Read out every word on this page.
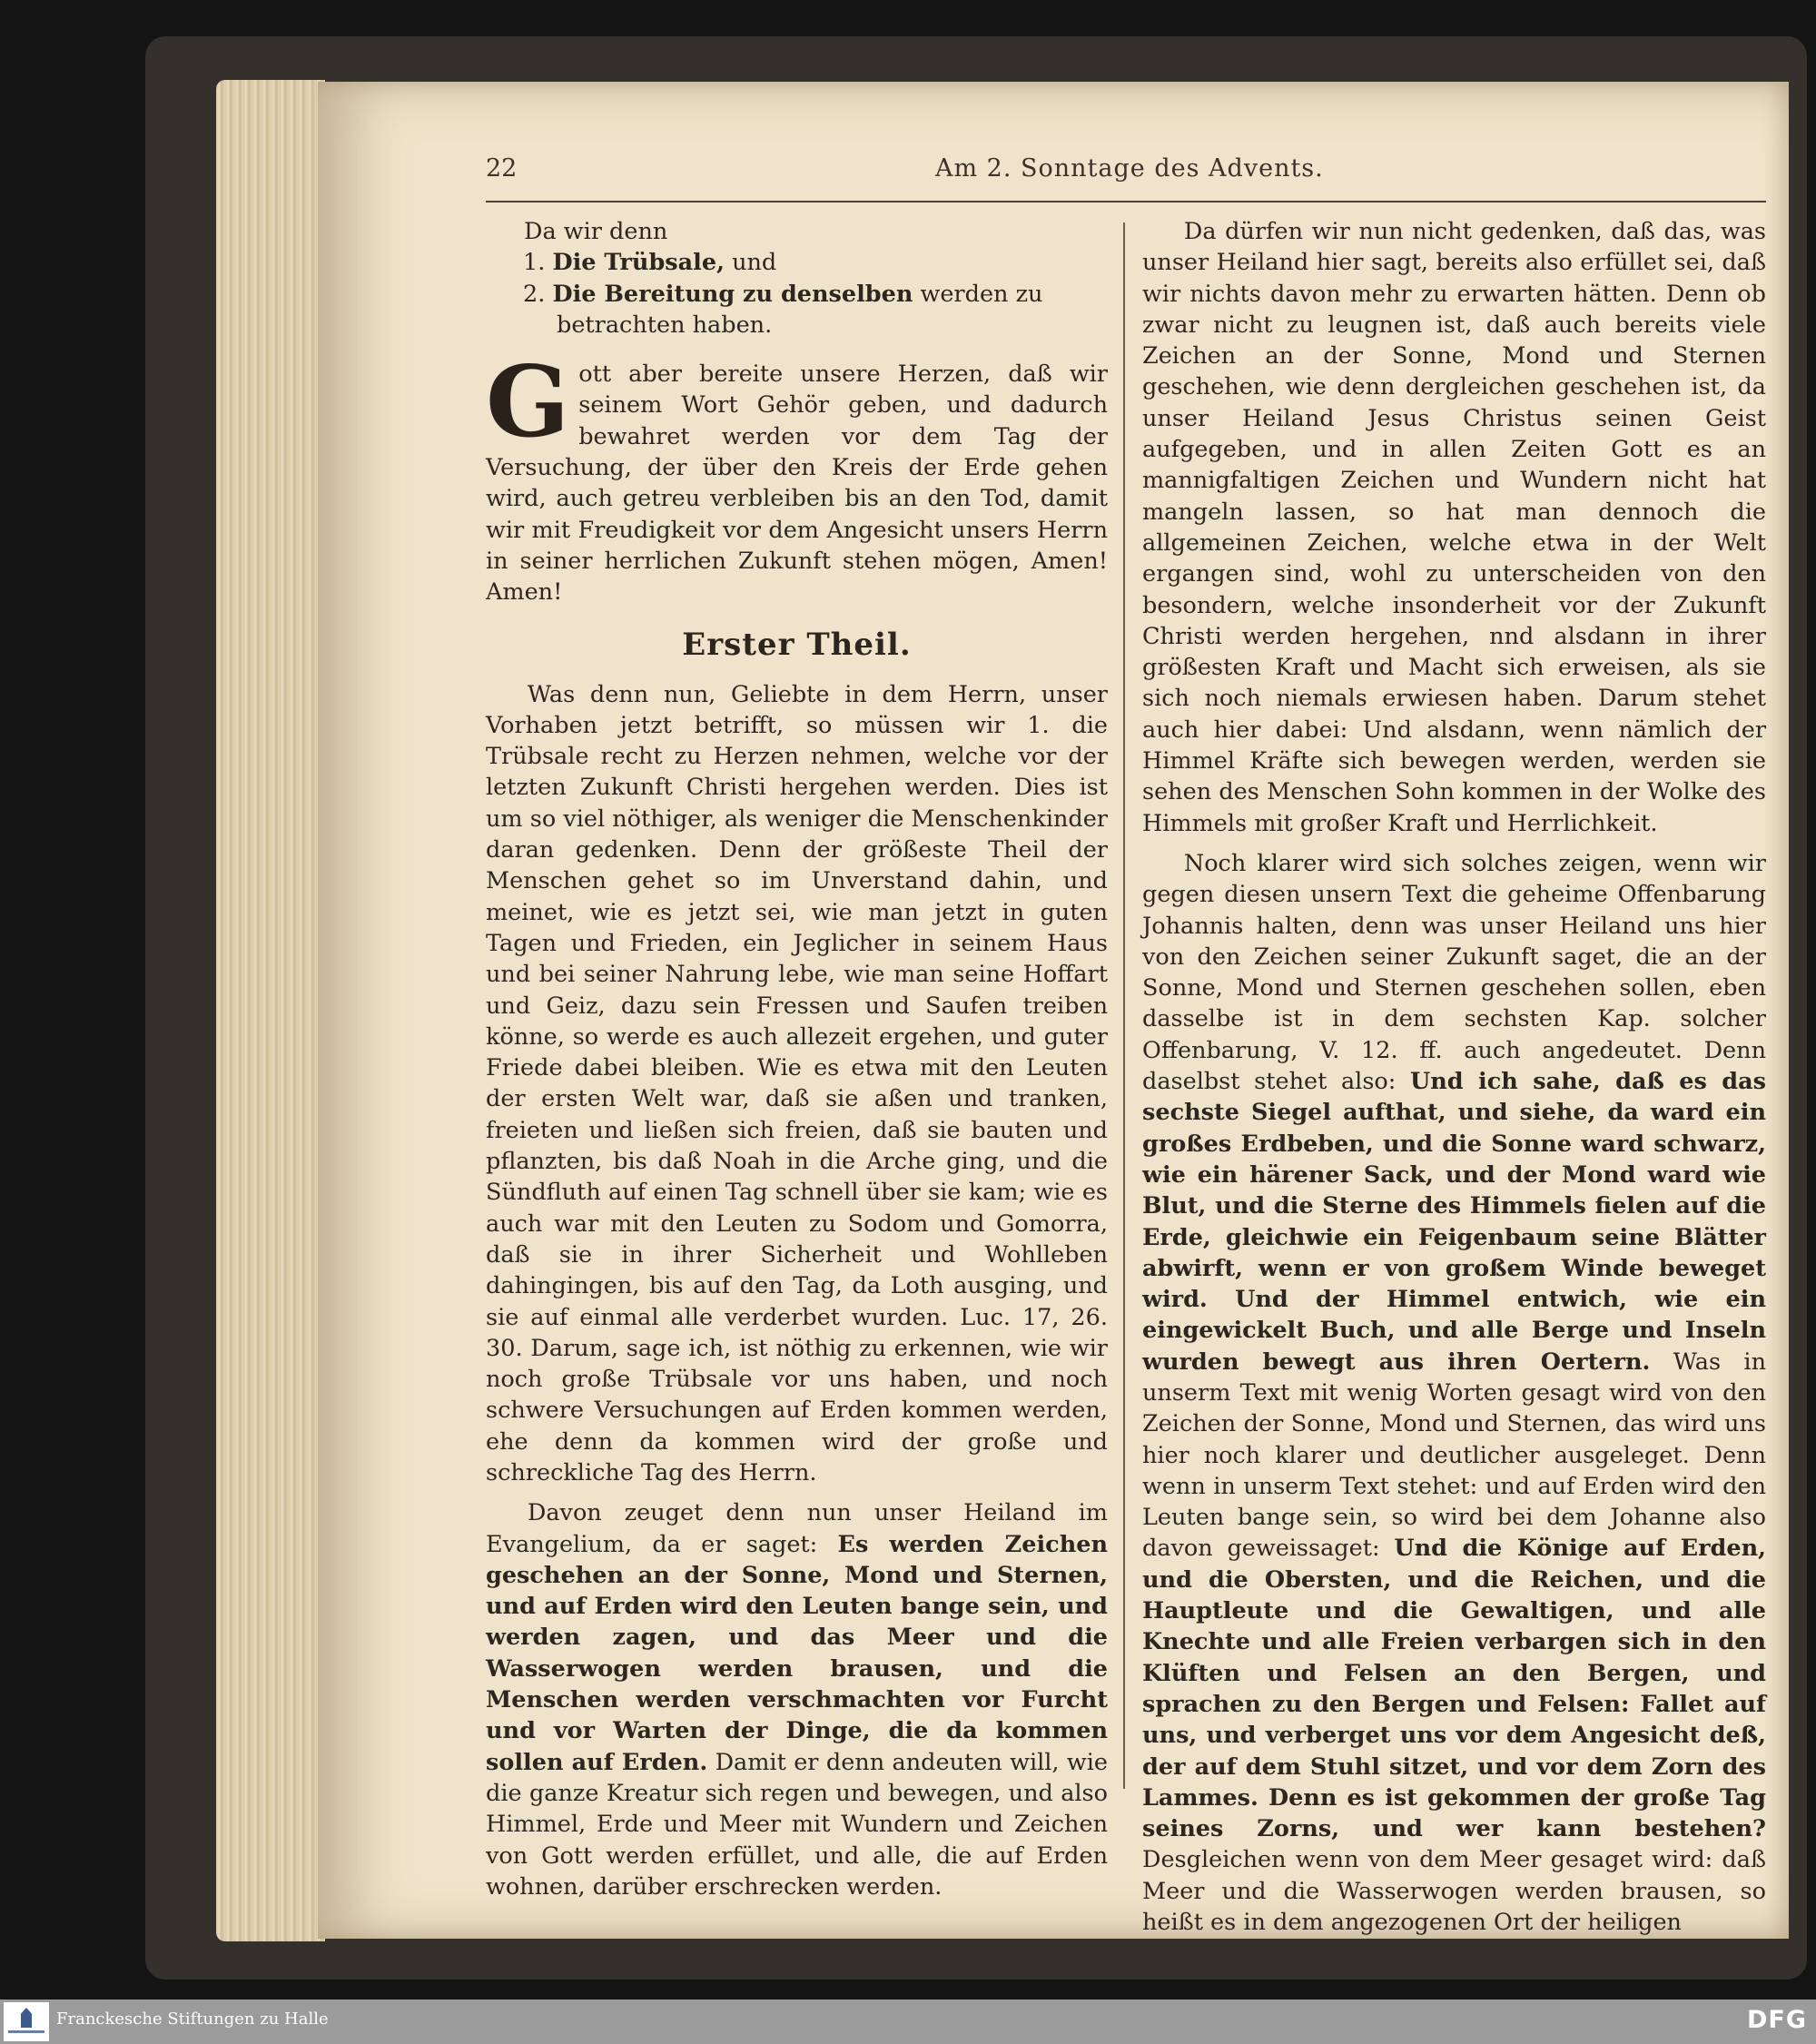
22	Am 2. Sonntage des Advents.

Da wir denn

1. Die Trübsale, und
2. Die Bereitung zu denselben werden zu betrachten haben.
Gott aber bereite unsere Herzen, daß wir seinem Wort Gehör geben, und dadurch bewahret werden vor dem Tag der Versuchung, der über den Kreis der Erde gehen wird, auch getreu verbleiben bis an den Tod, damit wir mit Freudigkeit vor dem Angesicht unsers Herrn in seiner herrlichen Zukunft stehen mögen, Amen! Amen!
Erster Theil.

Was denn nun, Geliebte in dem Herrn, unser Vorhaben jetzt betrifft, so müssen wir 1. die Trübsale recht zu Herzen nehmen, welche vor der letzten Zukunft Christi hergehen werden. Dies ist um so viel nöthiger, als weniger die Menschenkinder daran gedenken. Denn der größeste Theil der Menschen gehet so im Unverstand dahin, und meinet, wie es jetzt sei, wie man jetzt in guten Tagen und Frieden, ein Jeglicher in seinem Haus und bei seiner Nahrung lebe, wie man seine Hoffart und Geiz, dazu sein Fressen und Saufen treiben könne, so werde es auch allezeit ergehen, und guter Friede dabei bleiben. Wie es etwa mit den Leuten der ersten Welt war, daß sie aßen und tranken, freieten und ließen sich freien, daß sie bauten und pflanzten, bis daß Noah in die Arche ging, und die Sündfluth auf einen Tag schnell über sie kam; wie es auch war mit den Leuten zu Sodom und Gomorra, daß sie in ihrer Sicherheit und Wohlleben dahingingen, bis auf den Tag, da Loth ausging, und sie auf einmal alle verderbet wurden. Luc. 17, 26. 30. Darum, sage ich, ist nöthig zu erkennen, wie wir noch große Trübsale vor uns haben, und noch schwere Versuchungen auf Erden kommen werden, ehe denn da kommen wird der große und schreckliche Tag des Herrn.

Davon zeuget denn nun unser Heiland im Evangelium, da er saget: Es werden Zeichen geschehen an der Sonne, Mond und Sternen, und auf Erden wird den Leuten bange sein, und werden zagen, und das Meer und die Wasserwogen werden brausen, und die Menschen werden verschmachten vor Furcht und vor Warten der Dinge, die da kommen sollen auf Erden. Damit er denn andeuten will, wie die ganze Kreatur sich regen und bewegen, und also Himmel, Erde und Meer mit Wundern und Zeichen von Gott werden erfüllet, und alle, die auf Erden wohnen, darüber erschrecken werden.

Da dürfen wir nun nicht gedenken, daß das, was unser Heiland hier sagt, bereits also erfüllet sei, daß wir nichts davon mehr zu erwarten hätten. Denn ob zwar nicht zu leugnen ist, daß auch bereits viele Zeichen an der Sonne, Mond und Sternen geschehen, wie denn dergleichen geschehen ist, da unser Heiland Jesus Christus seinen Geist aufgegeben, und in allen Zeiten Gott es an mannigfaltigen Zeichen und Wundern nicht hat mangeln lassen, so hat man dennoch die allgemeinen Zeichen, welche etwa in der Welt ergangen sind, wohl zu unterscheiden von den besondern, welche insonderheit vor der Zukunft Christi werden hergehen, nnd alsdann in ihrer größesten Kraft und Macht sich erweisen, als sie sich noch niemals erwiesen haben. Darum stehet auch hier dabei: Und alsdann, wenn nämlich der Himmel Kräfte sich bewegen werden, werden sie sehen des Menschen Sohn kommen in der Wolke des Himmels mit großer Kraft und Herrlichkeit.

Noch klarer wird sich solches zeigen, wenn wir gegen diesen unsern Text die geheime Offenbarung Johannis halten, denn was unser Heiland uns hier von den Zeichen seiner Zukunft saget, die an der Sonne, Mond und Sternen geschehen sollen, eben dasselbe ist in dem sechsten Kap. solcher Offenbarung, V. 12. ff. auch angedeutet. Denn daselbst stehet also: Und ich sahe, daß es das sechste Siegel aufthat, und siehe, da ward ein großes Erdbeben, und die Sonne ward schwarz, wie ein härener Sack, und der Mond ward wie Blut, und die Sterne des Himmels fielen auf die Erde, gleichwie ein Feigenbaum seine Blätter abwirft, wenn er von großem Winde beweget wird. Und der Himmel entwich, wie ein eingewickelt Buch, und alle Berge und Inseln wurden bewegt aus ihren Oertern. Was in unserm Text mit wenig Worten gesagt wird von den Zeichen der Sonne, Mond und Sternen, das wird uns hier noch klarer und deutlicher ausgeleget. Denn wenn in unserm Text stehet: und auf Erden wird den Leuten bange sein, so wird bei dem Johanne also davon geweissaget: Und die Könige auf Erden, und die Obersten, und die Reichen, und die Hauptleute und die Gewaltigen, und alle Knechte und alle Freien verbargen sich in den Klüften und Felsen an den Bergen, und sprachen zu den Bergen und Felsen: Fallet auf uns, und verberget uns vor dem Angesicht deß, der auf dem Stuhl sitzet, und vor dem Zorn des Lammes. Denn es ist gekommen der große Tag seines Zorns, und wer kann bestehen? Desgleichen wenn von dem Meer gesaget wird: daß Meer und die Wasserwogen werden brausen, so heißt es in dem angezogenen Ort der heiligen

Franckesche Stiftungen zu Halle	DFG
